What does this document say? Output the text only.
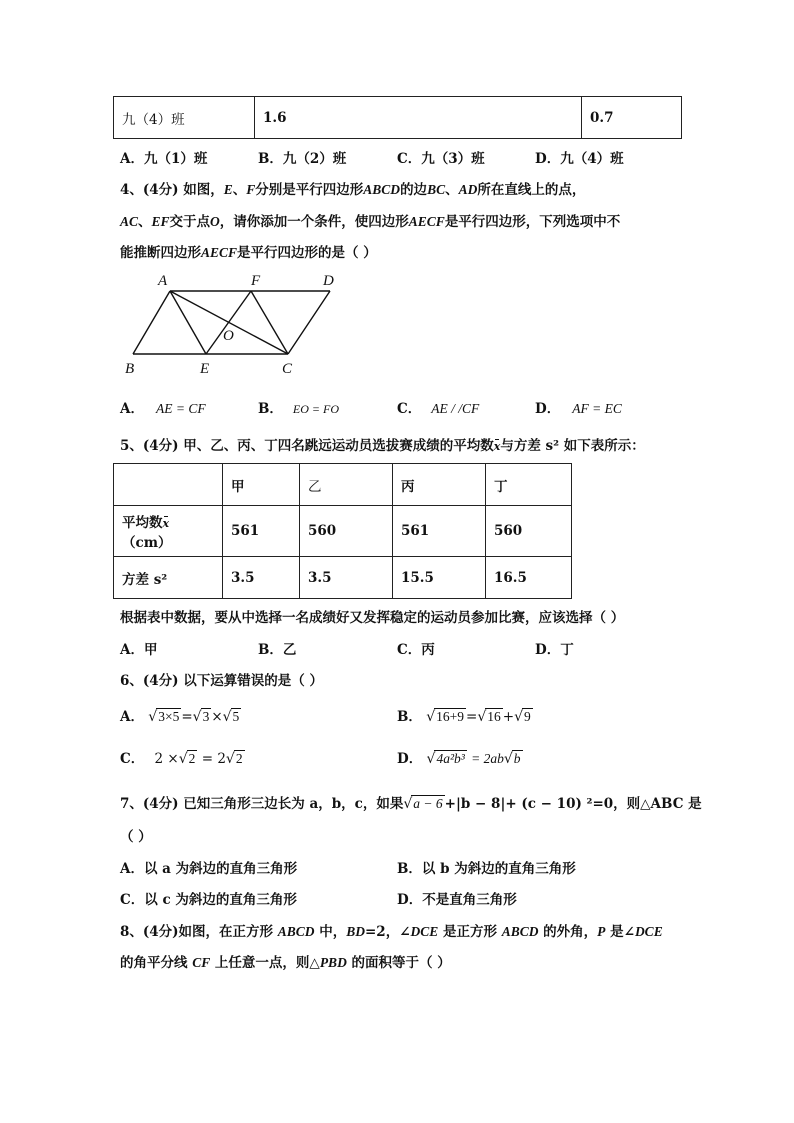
九（4）班	1.6	0.7
A．九（1）班	B．九（2）班	C．九（3）班	D．九（4）班
4、(4分) 如图，E、F分别是平行四边形ABCD的边BC、AD所在直线上的点，
AC、EF交于点O，请你添加一个条件，使四边形AECF是平行四边形，下列选项中不
能推断四边形AECF是平行四边形的是（ ）
A	F	D
O
B	E	C
A． AE = CF	B． EO = FO	C． AE / /CF	D． AF = EC
5、(4分) 甲、乙、丙、丁四名跳远运动员选拔赛成绩的平均数x与方差 s² 如下表所示：
	甲	乙	丙	丁
平均数x（cm）	561	560	561	560
方差 s²	3.5	3.5	15.5	16.5
根据表中数据，要从中选择一名成绩好又发挥稳定的运动员参加比赛，应该选择（ ）
A．甲	B．乙	C．丙	D．丁
6、(4分) 以下运算错误的是（ ）
A． √3×5 =√3 ×√5	B． √16+9 =√16 +√9
C． 2 ×√2 = 2√2	D． √4a²b³ = 2ab√b
7、(4分) 已知三角形三边长为 a，b，c，如果√a − 6 +|b − 8|+ (c − 10) ²=0，则△ABC 是
（ ）
A．以 a 为斜边的直角三角形	B．以 b 为斜边的直角三角形
C．以 c 为斜边的直角三角形	D．不是直角三角形
8、(4分)如图，在正方形 ABCD 中，BD=2，∠DCE 是正方形 ABCD 的外角，P 是∠DCE
的角平分线 CF 上任意一点，则△PBD 的面积等于（ ）
